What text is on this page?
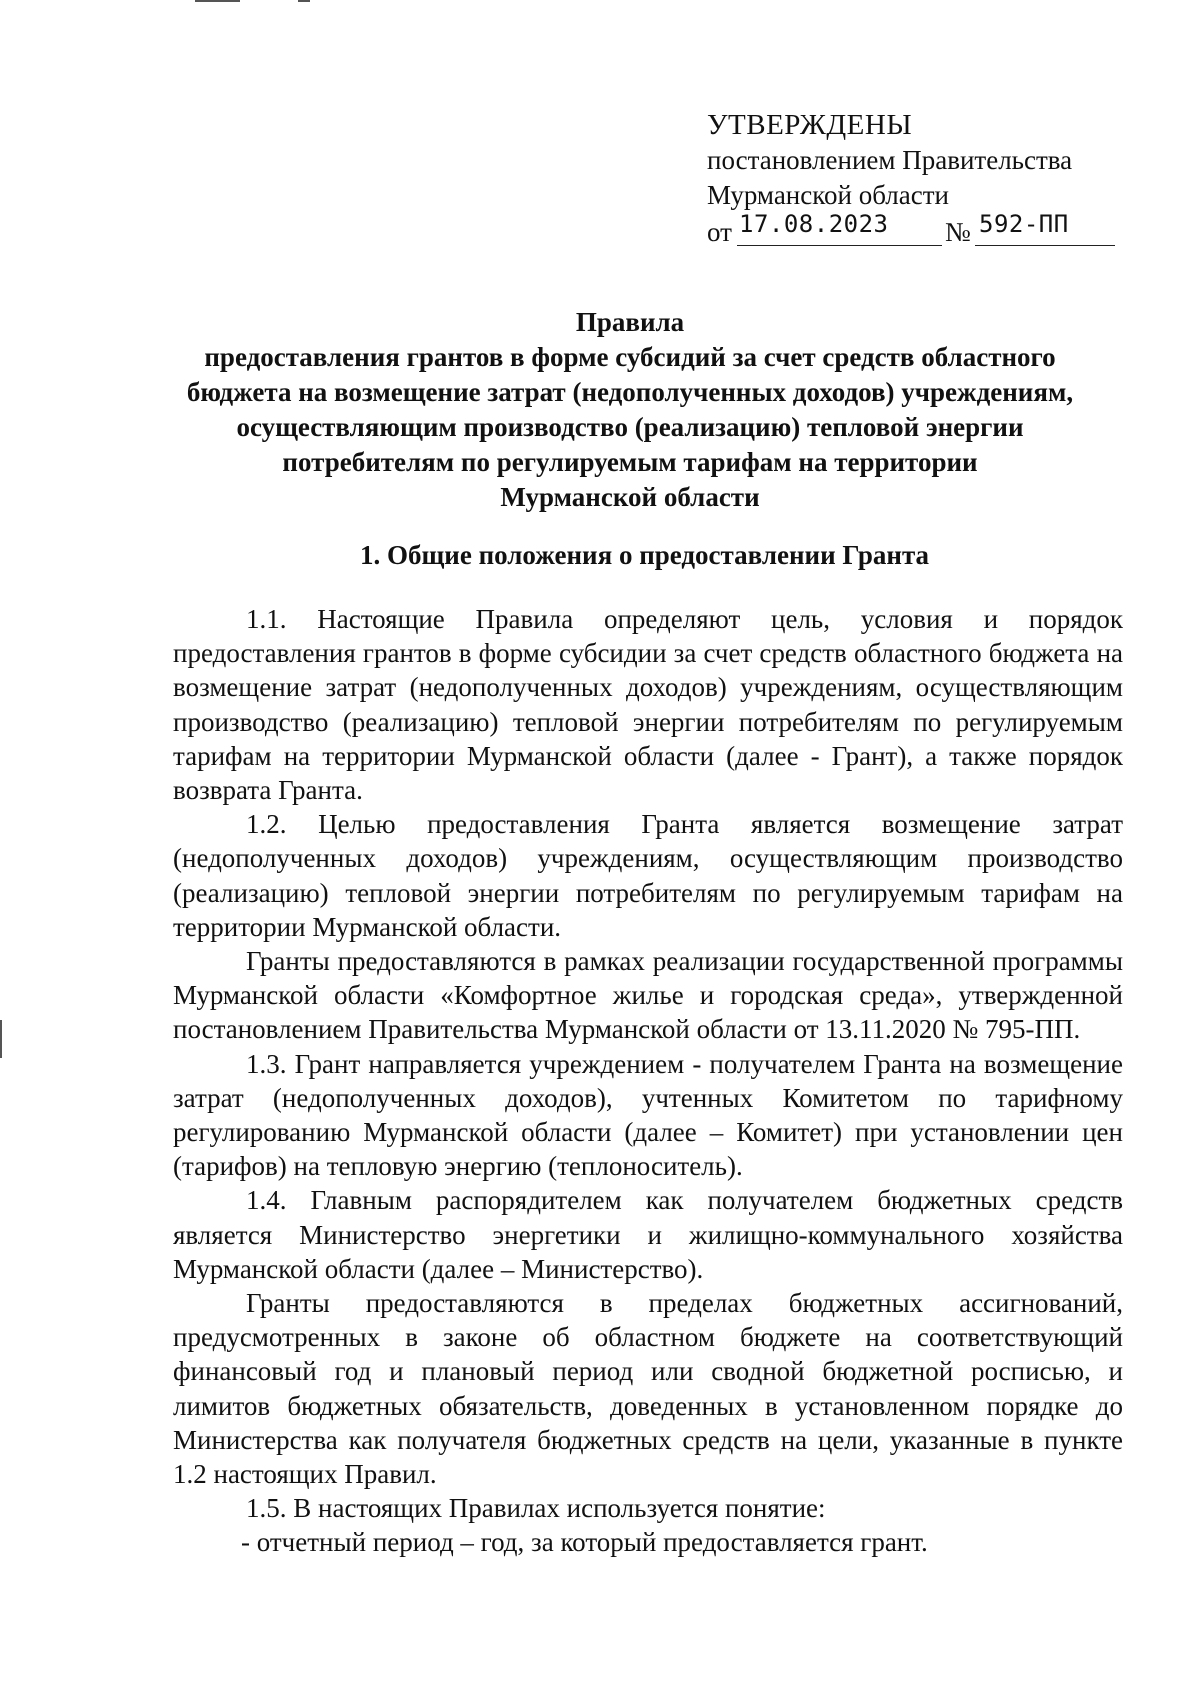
УТВЕРЖДЕНЫ
постановлением Правительства
Мурманской области
от 17.08.2023 № 592-ПП
Правила
предоставления грантов в форме субсидий за счет средств областного
бюджета на возмещение затрат (недополученных доходов) учреждениям,
осуществляющим производство (реализацию) тепловой энергии
потребителям по регулируемым тарифам на территории
Мурманской области
1. Общие положения о предоставлении Гранта

1.1. Настоящие Правила определяют цель, условия и порядок предоставления грантов в форме субсидии за счет средств областного бюджета на возмещение затрат (недополученных доходов) учреждениям, осуществляющим производство (реализацию) тепловой энергии потребителям по регулируемым тарифам на территории Мурманской области (далее - Грант), а также порядок возврата Гранта.

1.2. Целью предоставления Гранта является возмещение затрат (недополученных доходов) учреждениям, осуществляющим производство (реализацию) тепловой энергии потребителям по регулируемым тарифам на территории Мурманской области.

Гранты предоставляются в рамках реализации государственной программы Мурманской области «Комфортное жилье и городская среда», утвержденной постановлением Правительства Мурманской области от 13.11.2020 № 795-ПП.

1.3. Грант направляется учреждением - получателем Гранта на возмещение затрат (недополученных доходов), учтенных Комитетом по тарифному регулированию Мурманской области (далее – Комитет) при установлении цен (тарифов) на тепловую энергию (теплоноситель).

1.4. Главным распорядителем как получателем бюджетных средств является Министерство энергетики и жилищно-коммунального хозяйства Мурманской области (далее – Министерство).

Гранты предоставляются в пределах бюджетных ассигнований, предусмотренных в законе об областном бюджете на соответствующий финансовый год и плановый период или сводной бюджетной росписью, и лимитов бюджетных обязательств, доведенных в установленном порядке до Министерства как получателя бюджетных средств на цели, указанные в пункте 1.2 настоящих Правил.

1.5. В настоящих Правилах используется понятие:

- отчетный период – год, за который предоставляется грант.
